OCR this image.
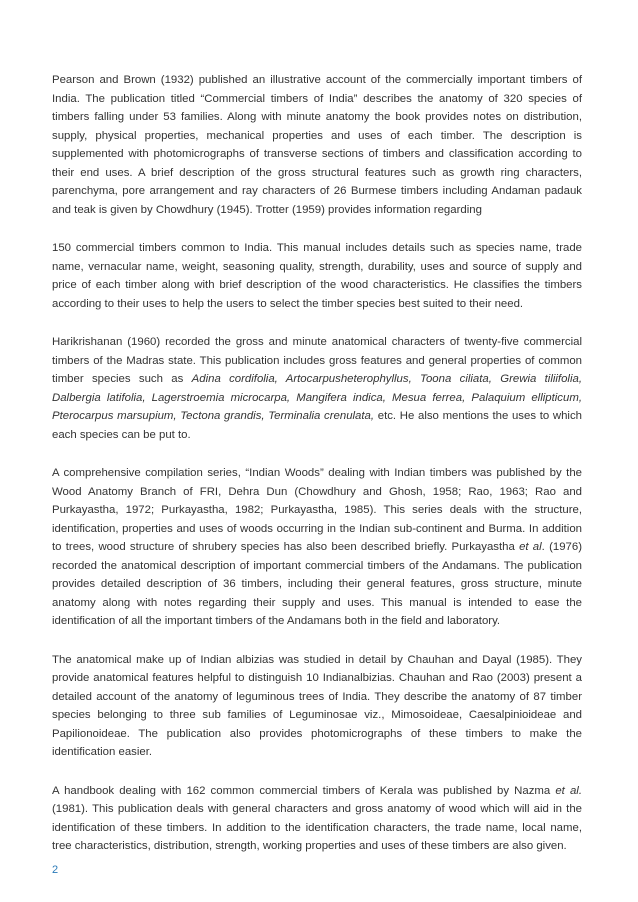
Pearson and Brown (1932) published an illustrative account of the commercially important timbers of India. The publication titled “Commercial timbers of India” describes the anatomy of 320 species of timbers falling under 53 families. Along with minute anatomy the book provides notes on distribution, supply, physical properties, mechanical properties and uses of each timber. The description is supplemented with photomicrographs of transverse sections of timbers and classification according to their end uses. A brief description of the gross structural features such as growth ring characters, parenchyma, pore arrangement and ray characters of 26 Burmese timbers including Andaman padauk and teak is given by Chowdhury (1945). Trotter (1959) provides information regarding

150 commercial timbers common to India. This manual includes details such as species name, trade name, vernacular name, weight, seasoning quality, strength, durability, uses and source of supply and price of each timber along with brief description of the wood characteristics. He classifies the timbers according to their uses to help the users to select the timber species best suited to their need.

Harikrishanan (1960) recorded the gross and minute anatomical characters of twenty-five commercial timbers of the Madras state. This publication includes gross features and general properties of common timber species such as Adina cordifolia, Artocarpusheterophyllus, Toona ciliata, Grewia tiliifolia, Dalbergia latifolia, Lagerstroemia microcarpa, Mangifera indica, Mesua ferrea, Palaquium ellipticum, Pterocarpus marsupium, Tectona grandis, Terminalia crenulata, etc. He also mentions the uses to which each species can be put to.

A comprehensive compilation series, “Indian Woods” dealing with Indian timbers was published by the Wood Anatomy Branch of FRI, Dehra Dun (Chowdhury and Ghosh, 1958; Rao, 1963; Rao and Purkayastha, 1972; Purkayastha, 1982; Purkayastha, 1985). This series deals with the structure, identification, properties and uses of woods occurring in the Indian sub-continent and Burma. In addition to trees, wood structure of shrubery species has also been described briefly. Purkayastha et al. (1976) recorded the anatomical description of important commercial timbers of the Andamans. The publication provides detailed description of 36 timbers, including their general features, gross structure, minute anatomy along with notes regarding their supply and uses. This manual is intended to ease the identification of all the important timbers of the Andamans both in the field and laboratory.

The anatomical make up of Indian albizias was studied in detail by Chauhan and Dayal (1985). They provide anatomical features helpful to distinguish 10 Indianalbizias. Chauhan and Rao (2003) present a detailed account of the anatomy of leguminous trees of India. They describe the anatomy of 87 timber species belonging to three sub families of Leguminosae viz., Mimosoideae, Caesalpinioideae and Papilionoideae. The publication also provides photomicrographs of these timbers to make the identification easier.

A handbook dealing with 162 common commercial timbers of Kerala was published by Nazma et al. (1981). This publication deals with general characters and gross anatomy of wood which will aid in the identification of these timbers. In addition to the identification characters, the trade name, local name, tree characteristics, distribution, strength, working properties and uses of these timbers are also given.

2
